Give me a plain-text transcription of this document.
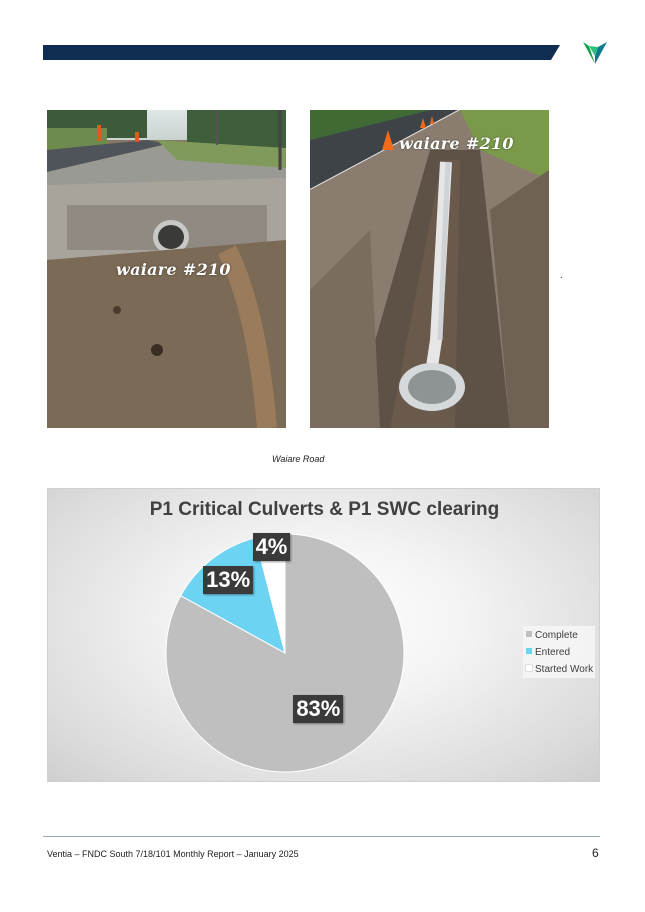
waiare #210
waiare #210
.
Waiare Road
P1 Critical Culverts & P1 SWC clearing
83%
13%
4%
Complete
Entered
Started Work
Ventia – FNDC South 7/18/101 Monthly Report – January 2025	6
